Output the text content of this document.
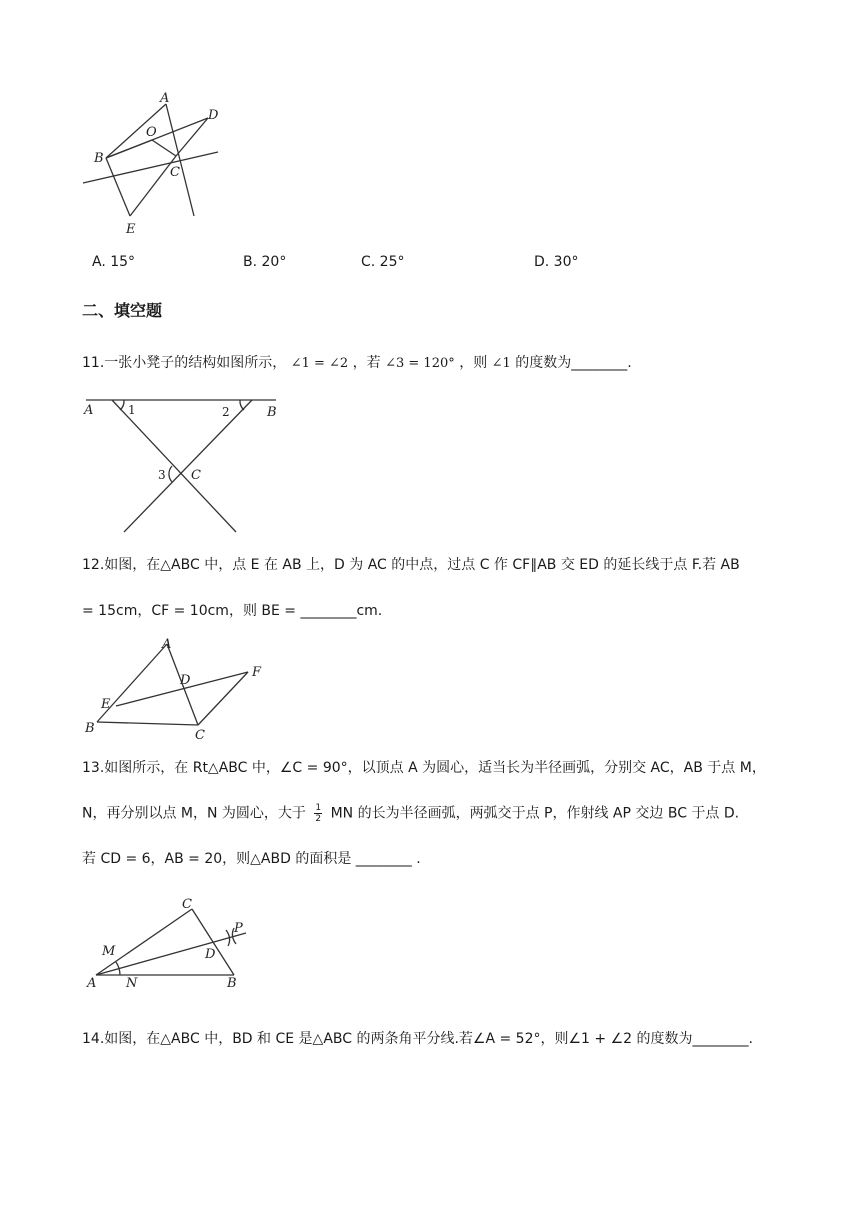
A
D
O
B
C
E
A. 15°	B. 20°	C. 25°	D. 30°
二、填空题
11.一张小凳子的结构如图所示， ∠1 = ∠2 ，若 ∠3 = 120° ，则 ∠1 的度数为________.
A	1	2	B
3 C
12.如图，在△ABC 中，点 E 在 AB 上，D 为 AC 的中点，过点 C 作 CF∥AB 交 ED 的延长线于点 F.若 AB
= 15cm，CF = 10cm，则 BE = ________cm.
A
F
D
E
B	C
13.如图所示，在 Rt△ABC 中，∠C = 90°，以顶点 A 为圆心，适当长为半径画弧，分别交 AC，AB 于点 M，
N，再分别以点 M，N 为圆心，大于 $\frac{1}{2}$ MN 的长为半径画弧，两弧交于点 P，作射线 AP 交边 BC 于点 D.
若 CD = 6，AB = 20，则△ABD 的面积是 ________ .
C
P
M	D
A N	B
14.如图，在△ABC 中，BD 和 CE 是△ABC 的两条角平分线.若∠A = 52°，则∠1 + ∠2 的度数为________.
